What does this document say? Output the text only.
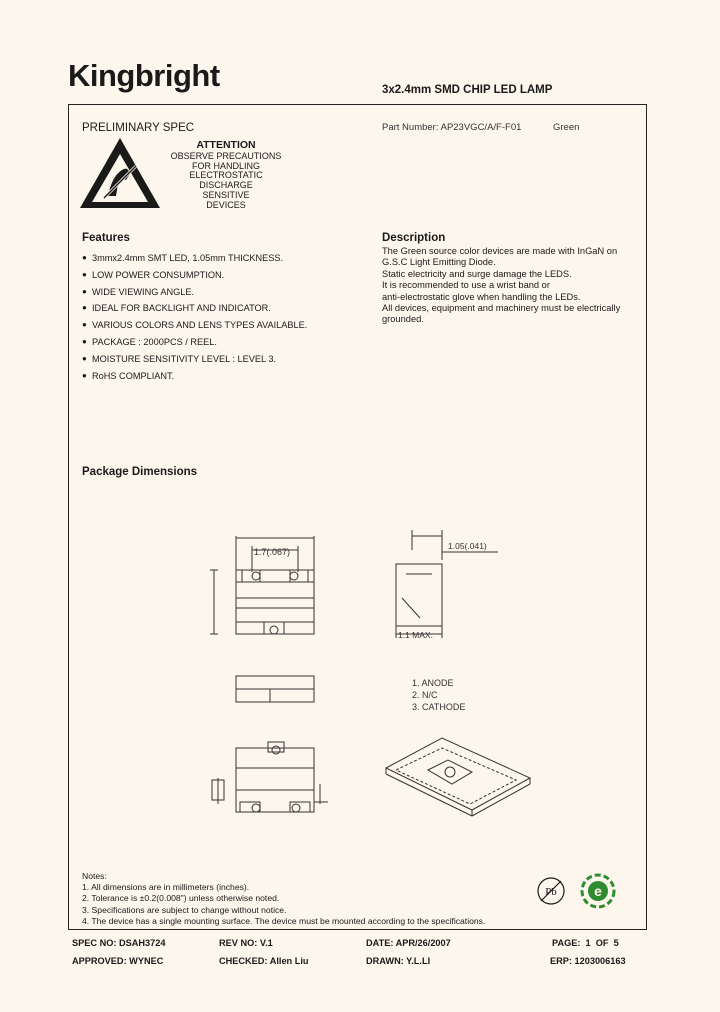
Kingbright	3x2.4mm SMD CHIP LED LAMP
PRELIMINARY SPEC	Part Number: AP23VGC/A/F-F01	Green
ATTENTION
OBSERVE PRECAUTIONS
FOR HANDLING
ELECTROSTATIC
DISCHARGE
SENSITIVE
DEVICES
Features
● 3mmx2.4mm SMT LED, 1.05mm THICKNESS.
● LOW POWER CONSUMPTION.
● WIDE VIEWING ANGLE.
● IDEAL FOR BACKLIGHT AND INDICATOR.
● VARIOUS COLORS AND LENS TYPES AVAILABLE.
● PACKAGE : 2000PCS / REEL.
● MOISTURE SENSITIVITY LEVEL : LEVEL 3.
● RoHS COMPLIANT.
Description
The Green source color devices are made with InGaN on
G.S.C Light Emitting Diode.
Static electricity and surge damage the LEDS.
It is recommended to use a wrist band or
anti-electrostatic glove when handling the LEDs.
All devices, equipment and machinery must be electrically
grounded.
Package Dimensions
1.7(.067)
1.05(.041)
1.1 MAX.
1. ANODE
2. N/C
3. CATHODE
Pb	e
Notes:
1. All dimensions are in millimeters (inches).
2. Tolerance is ±0.2(0.008") unless otherwise noted.
3. Specifications are subject to change without notice.
4. The device has a single mounting surface. The device must be mounted according to the specifications.
SPEC NO: DSAH3724	REV NO: V.1	DATE: APR/26/2007	PAGE:  1  OF  5
APPROVED: WYNEC	CHECKED: Allen Liu	DRAWN: Y.L.LI	ERP: 1203006163
